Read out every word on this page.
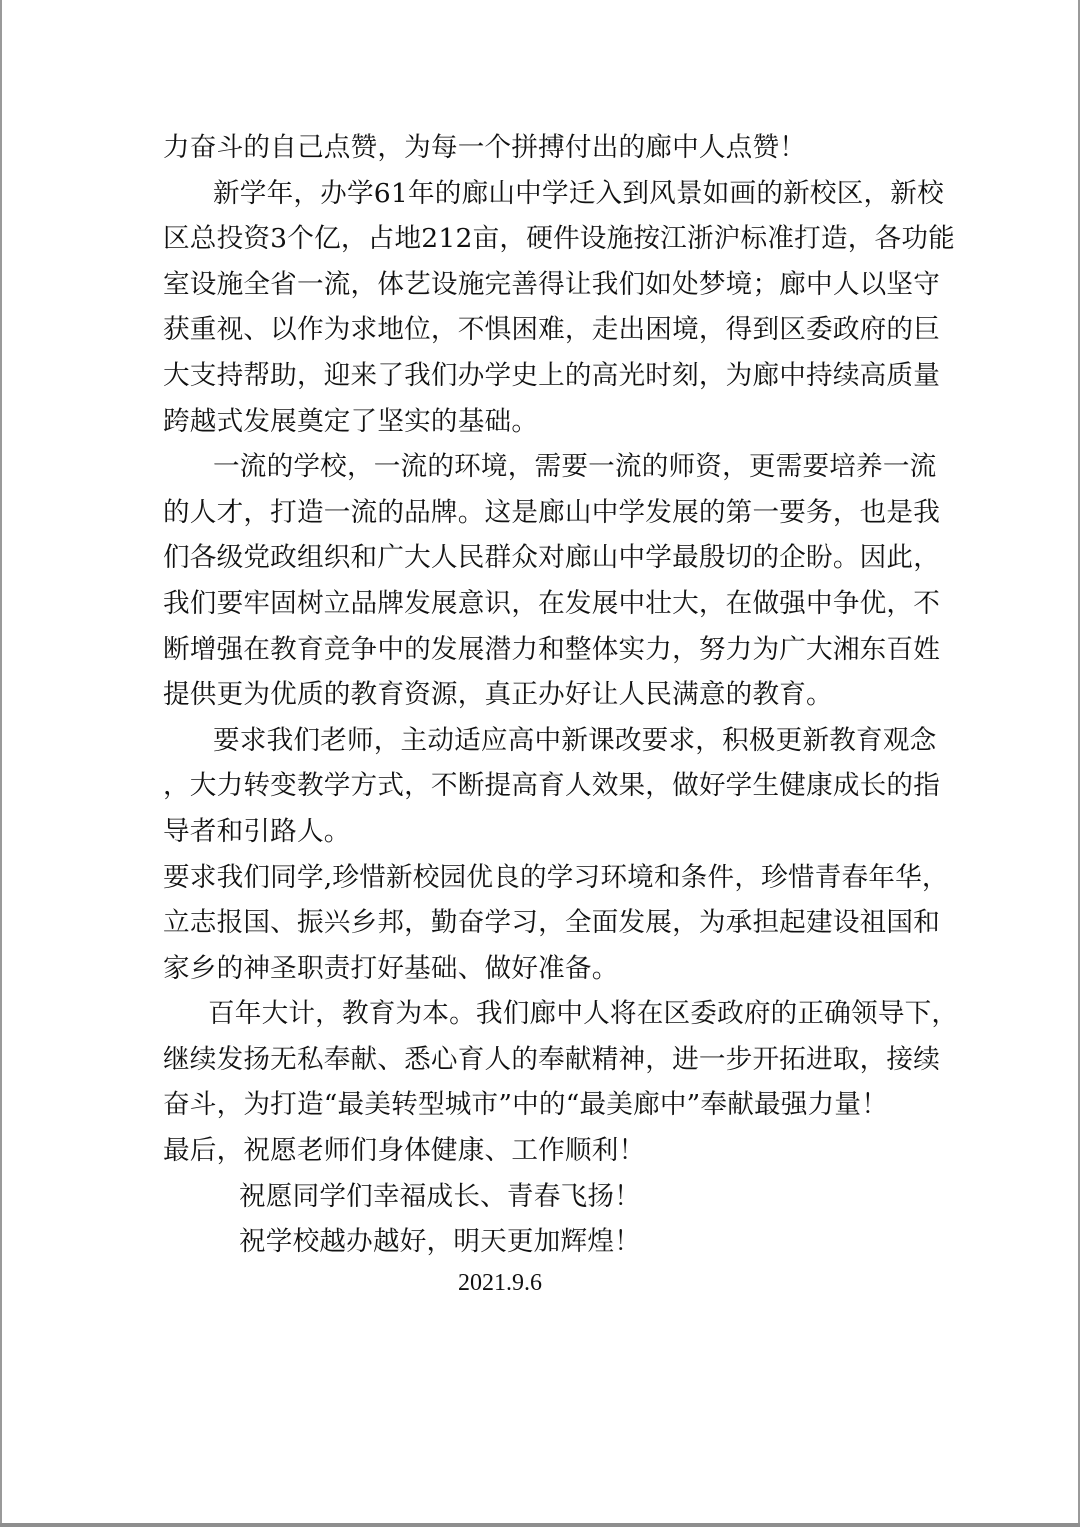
力奋斗的自己点赞，为每一个拼搏付出的廊中人点赞！
新学年，办学61年的廊山中学迁入到风景如画的新校区，新校
区总投资3个亿，占地212亩，硬件设施按江浙沪标准打造，各功能
室设施全省一流，体艺设施完善得让我们如处梦境；廊中人以坚守
获重视、以作为求地位，不惧困难，走出困境，得到区委政府的巨
大支持帮助，迎来了我们办学史上的高光时刻，为廊中持续高质量
跨越式发展奠定了坚实的基础。
一流的学校，一流的环境，需要一流的师资，更需要培养一流
的人才，打造一流的品牌。这是廊山中学发展的第一要务，也是我
们各级党政组织和广大人民群众对廊山中学最殷切的企盼。因此，
我们要牢固树立品牌发展意识，在发展中壮大，在做强中争优，不
断增强在教育竞争中的发展潜力和整体实力，努力为广大湘东百姓
提供更为优质的教育资源，真正办好让人民满意的教育。
要求我们老师，主动适应高中新课改要求，积极更新教育观念
，大力转变教学方式，不断提高育人效果，做好学生健康成长的指
导者和引路人。
要求我们同学,珍惜新校园优良的学习环境和条件，珍惜青春年华，
立志报国、振兴乡邦，勤奋学习，全面发展，为承担起建设祖国和
家乡的神圣职责打好基础、做好准备。
百年大计，教育为本。我们廊中人将在区委政府的正确领导下，
继续发扬无私奉献、悉心育人的奉献精神，进一步开拓进取，接续
奋斗，为打造“最美转型城市”中的“最美廊中”奉献最强力量！
最后，祝愿老师们身体健康、工作顺利！
祝愿同学们幸福成长、青春飞扬！
祝学校越办越好，明天更加辉煌！
2021.9.6
